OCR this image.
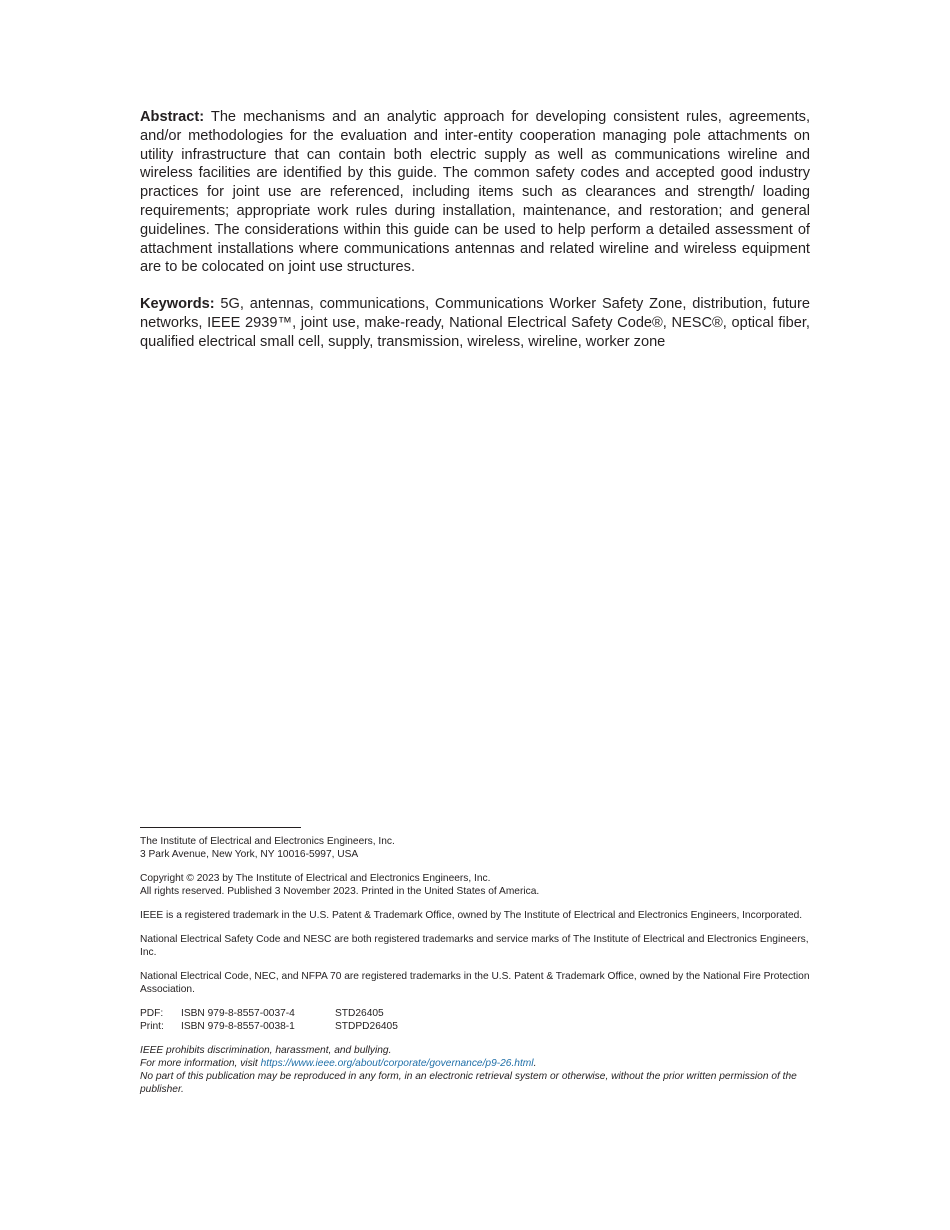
Abstract: The mechanisms and an analytic approach for developing consistent rules, agreements, and/or methodologies for the evaluation and inter-entity cooperation managing pole attachments on utility infrastructure that can contain both electric supply as well as communications wireline and wireless facilities are identified by this guide. The common safety codes and accepted good industry practices for joint use are referenced, including items such as clearances and strength/ loading requirements; appropriate work rules during installation, maintenance, and restoration; and general guidelines. The considerations within this guide can be used to help perform a detailed assessment of attachment installations where communications antennas and related wireline and wireless equipment are to be colocated on joint use structures.

Keywords: 5G, antennas, communications, Communications Worker Safety Zone, distribution, future networks, IEEE 2939™, joint use, make-ready, National Electrical Safety Code®, NESC®, optical fiber, qualified electrical small cell, supply, transmission, wireless, wireline, worker zone

The Institute of Electrical and Electronics Engineers, Inc.

3 Park Avenue, New York, NY 10016-5997, USA

Copyright © 2023 by The Institute of Electrical and Electronics Engineers, Inc.

All rights reserved. Published 3 November 2023. Printed in the United States of America.

IEEE is a registered trademark in the U.S. Patent & Trademark Office, owned by The Institute of Electrical and Electronics Engineers, Incorporated.

National Electrical Safety Code and NESC are both registered trademarks and service marks of The Institute of Electrical and Electronics Engineers, Inc.

National Electrical Code, NEC, and NFPA 70 are registered trademarks in the U.S. Patent & Trademark Office, owned by the National Fire Protection Association.

PDF:	ISBN 979-8-8557-0037-4	STD26405
Print:	ISBN 979-8-8557-0038-1	STDPD26405

IEEE prohibits discrimination, harassment, and bullying.

For more information, visit https://www.ieee.org/about/corporate/governance/p9-26.html.

No part of this publication may be reproduced in any form, in an electronic retrieval system or otherwise, without the prior written permission of the publisher.
